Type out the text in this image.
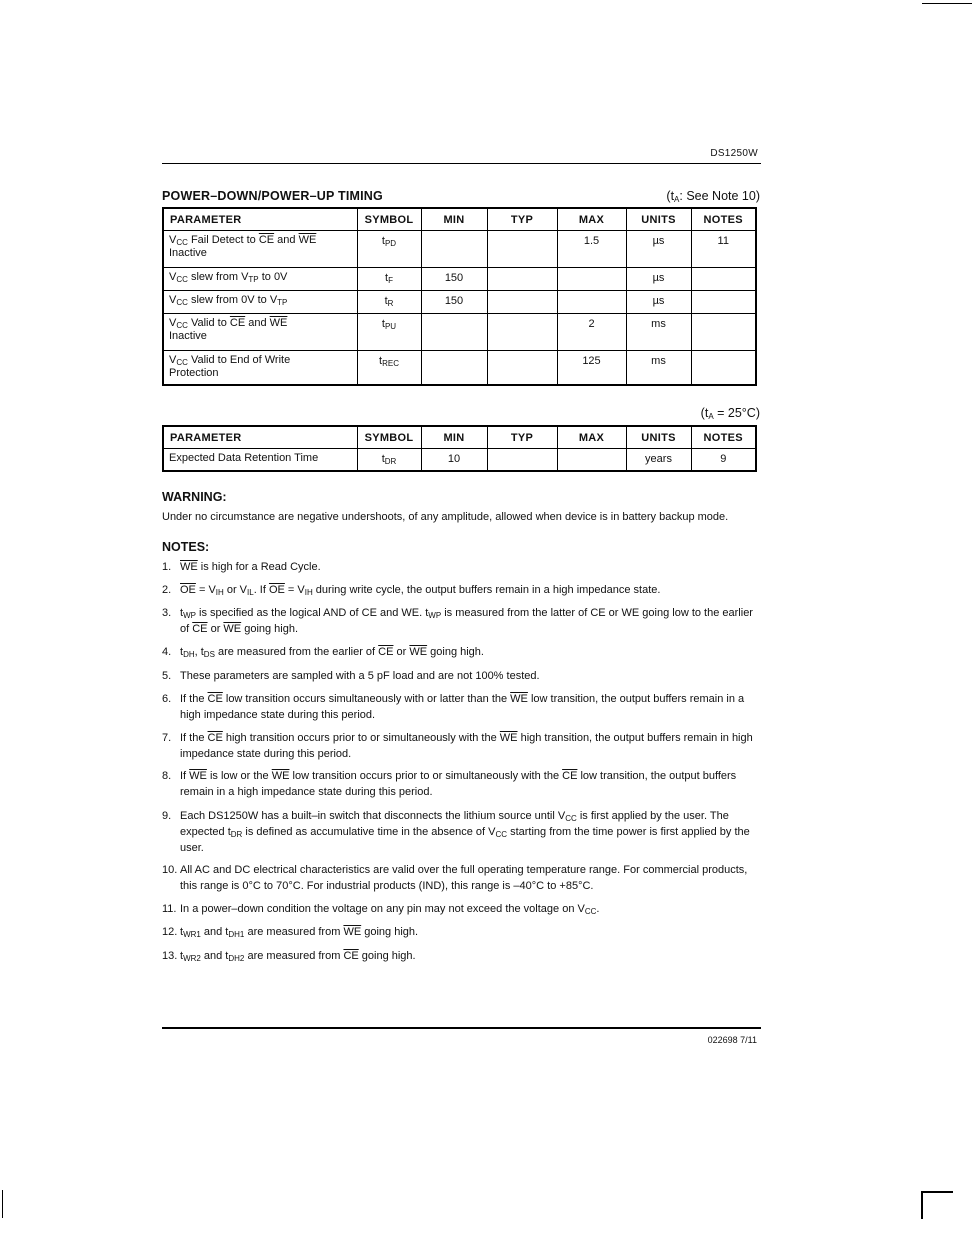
DS1250W
POWER–DOWN/POWER–UP TIMING	($t_A$: See Note 10)
PARAMETER	SYMBOL	MIN	TYP	MAX	UNITS	NOTES
$V_{CC}$ Fail Detect to $\overline{CE}$ and $\overline{WE}$
Inactive	$t_{PD}$			1.5	µs	11
$V_{CC}$ slew from $V_{TP}$ to 0V	$t_F$	150			µs	
$V_{CC}$ slew from 0V to $V_{TP}$	$t_R$	150			µs	
$V_{CC}$ Valid to $\overline{CE}$ and $\overline{WE}$
Inactive	$t_{PU}$			2	ms	
$V_{CC}$ Valid to End of Write
Protection	$t_{REC}$			125	ms	
$(t_A = 25^\circ C)$
PARAMETER	SYMBOL	MIN	TYP	MAX	UNITS	NOTES
Expected Data Retention Time	$t_{DR}$	10			years	9
WARNING:
Under no circumstance are negative undershoots, of any amplitude, allowed when device is in battery backup mode.
NOTES:
1. $\overline{WE}$ is high for a Read Cycle.
2. $\overline{OE} = V_{IH}$ or $V_{IL}$. If $\overline{OE} = V_{IH}$ during write cycle, the output buffers remain in a high impedance state.
3. $t_{WP}$ is specified as the logical AND of CE and WE. $t_{WP}$ is measured from the latter of CE or WE going low to the earlier of $\overline{CE}$ or $\overline{WE}$ going high.
4. $t_{DH}$, $t_{DS}$ are measured from the earlier of $\overline{CE}$ or $\overline{WE}$ going high.
5. These parameters are sampled with a 5 pF load and are not 100% tested.
6. If the $\overline{CE}$ low transition occurs simultaneously with or latter than the $\overline{WE}$ low transition, the output buffers remain in a high impedance state during this period.
7. If the $\overline{CE}$ high transition occurs prior to or simultaneously with the $\overline{WE}$ high transition, the output buffers remain in high impedance state during this period.
8. If $\overline{WE}$ is low or the $\overline{WE}$ low transition occurs prior to or simultaneously with the $\overline{CE}$ low transition, the output buffers remain in a high impedance state during this period.
9. Each DS1250W has a built–in switch that disconnects the lithium source until $V_{CC}$ is first applied by the user. The expected $t_{DR}$ is defined as accumulative time in the absence of $V_{CC}$ starting from the time power is first applied by the user.
10. All AC and DC electrical characteristics are valid over the full operating temperature range. For commercial products, this range is 0°C to 70°C. For industrial products (IND), this range is –40°C to +85°C.
11. In a power–down condition the voltage on any pin may not exceed the voltage on $V_{CC}$.
12. $t_{WR1}$ and $t_{DH1}$ are measured from $\overline{WE}$ going high.
13. $t_{WR2}$ and $t_{DH2}$ are measured from $\overline{CE}$ going high.
022698 7/11
